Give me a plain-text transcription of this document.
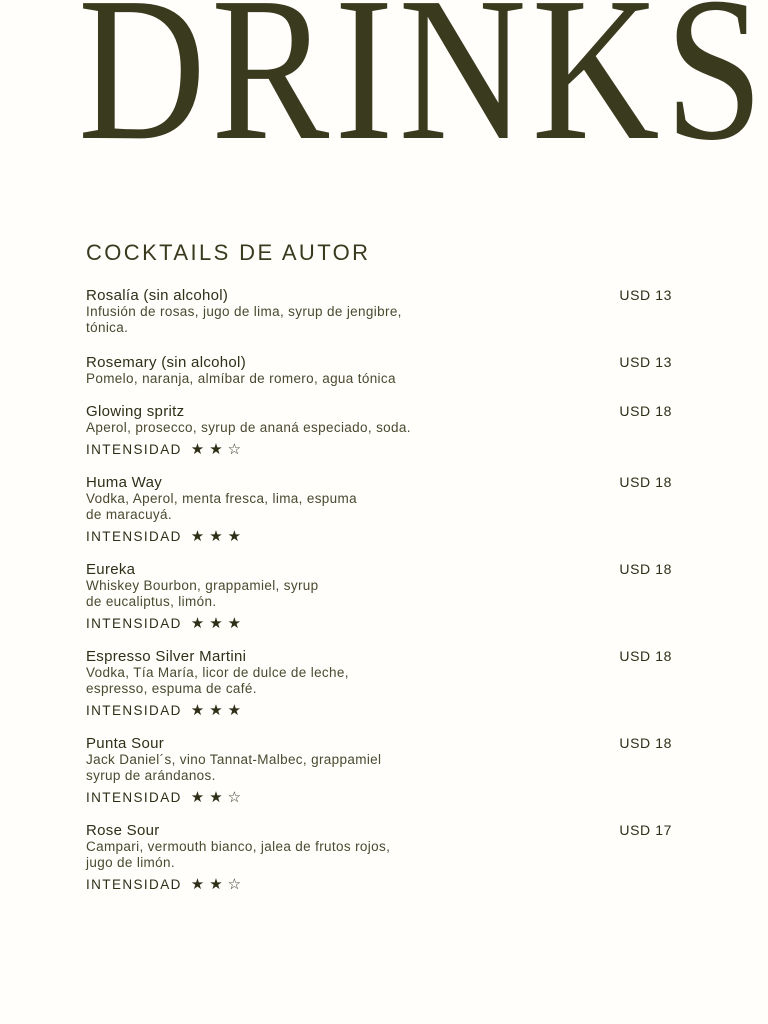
DRINKS
COCKTAILS DE AUTOR

Rosalía (sin alcohol)	USD 13

Infusión de rosas, jugo de lima, syrup de jengibre,
tónica.

Rosemary (sin alcohol)	USD 13

Pomelo, naranja, almíbar de romero, agua tónica

Glowing spritz	USD 18

Aperol, prosecco, syrup de ananá especiado, soda.

INTENSIDAD ★ ★ ☆

Huma Way	USD 18

Vodka, Aperol, menta fresca, lima, espuma
de maracuyá.

INTENSIDAD ★ ★ ★

Eureka	USD 18

Whiskey Bourbon, grappamiel, syrup
de eucaliptus, limón.

INTENSIDAD ★ ★ ★

Espresso Silver Martini	USD 18

Vodka, Tía María, licor de dulce de leche,
espresso, espuma de café.

INTENSIDAD ★ ★ ★

Punta Sour	USD 18

Jack Daniel´s, vino Tannat-Malbec, grappamiel
syrup de arándanos.

INTENSIDAD ★ ★ ☆

Rose Sour	USD 17

Campari, vermouth bianco, jalea de frutos rojos,
jugo de limón.

INTENSIDAD ★ ★ ☆
